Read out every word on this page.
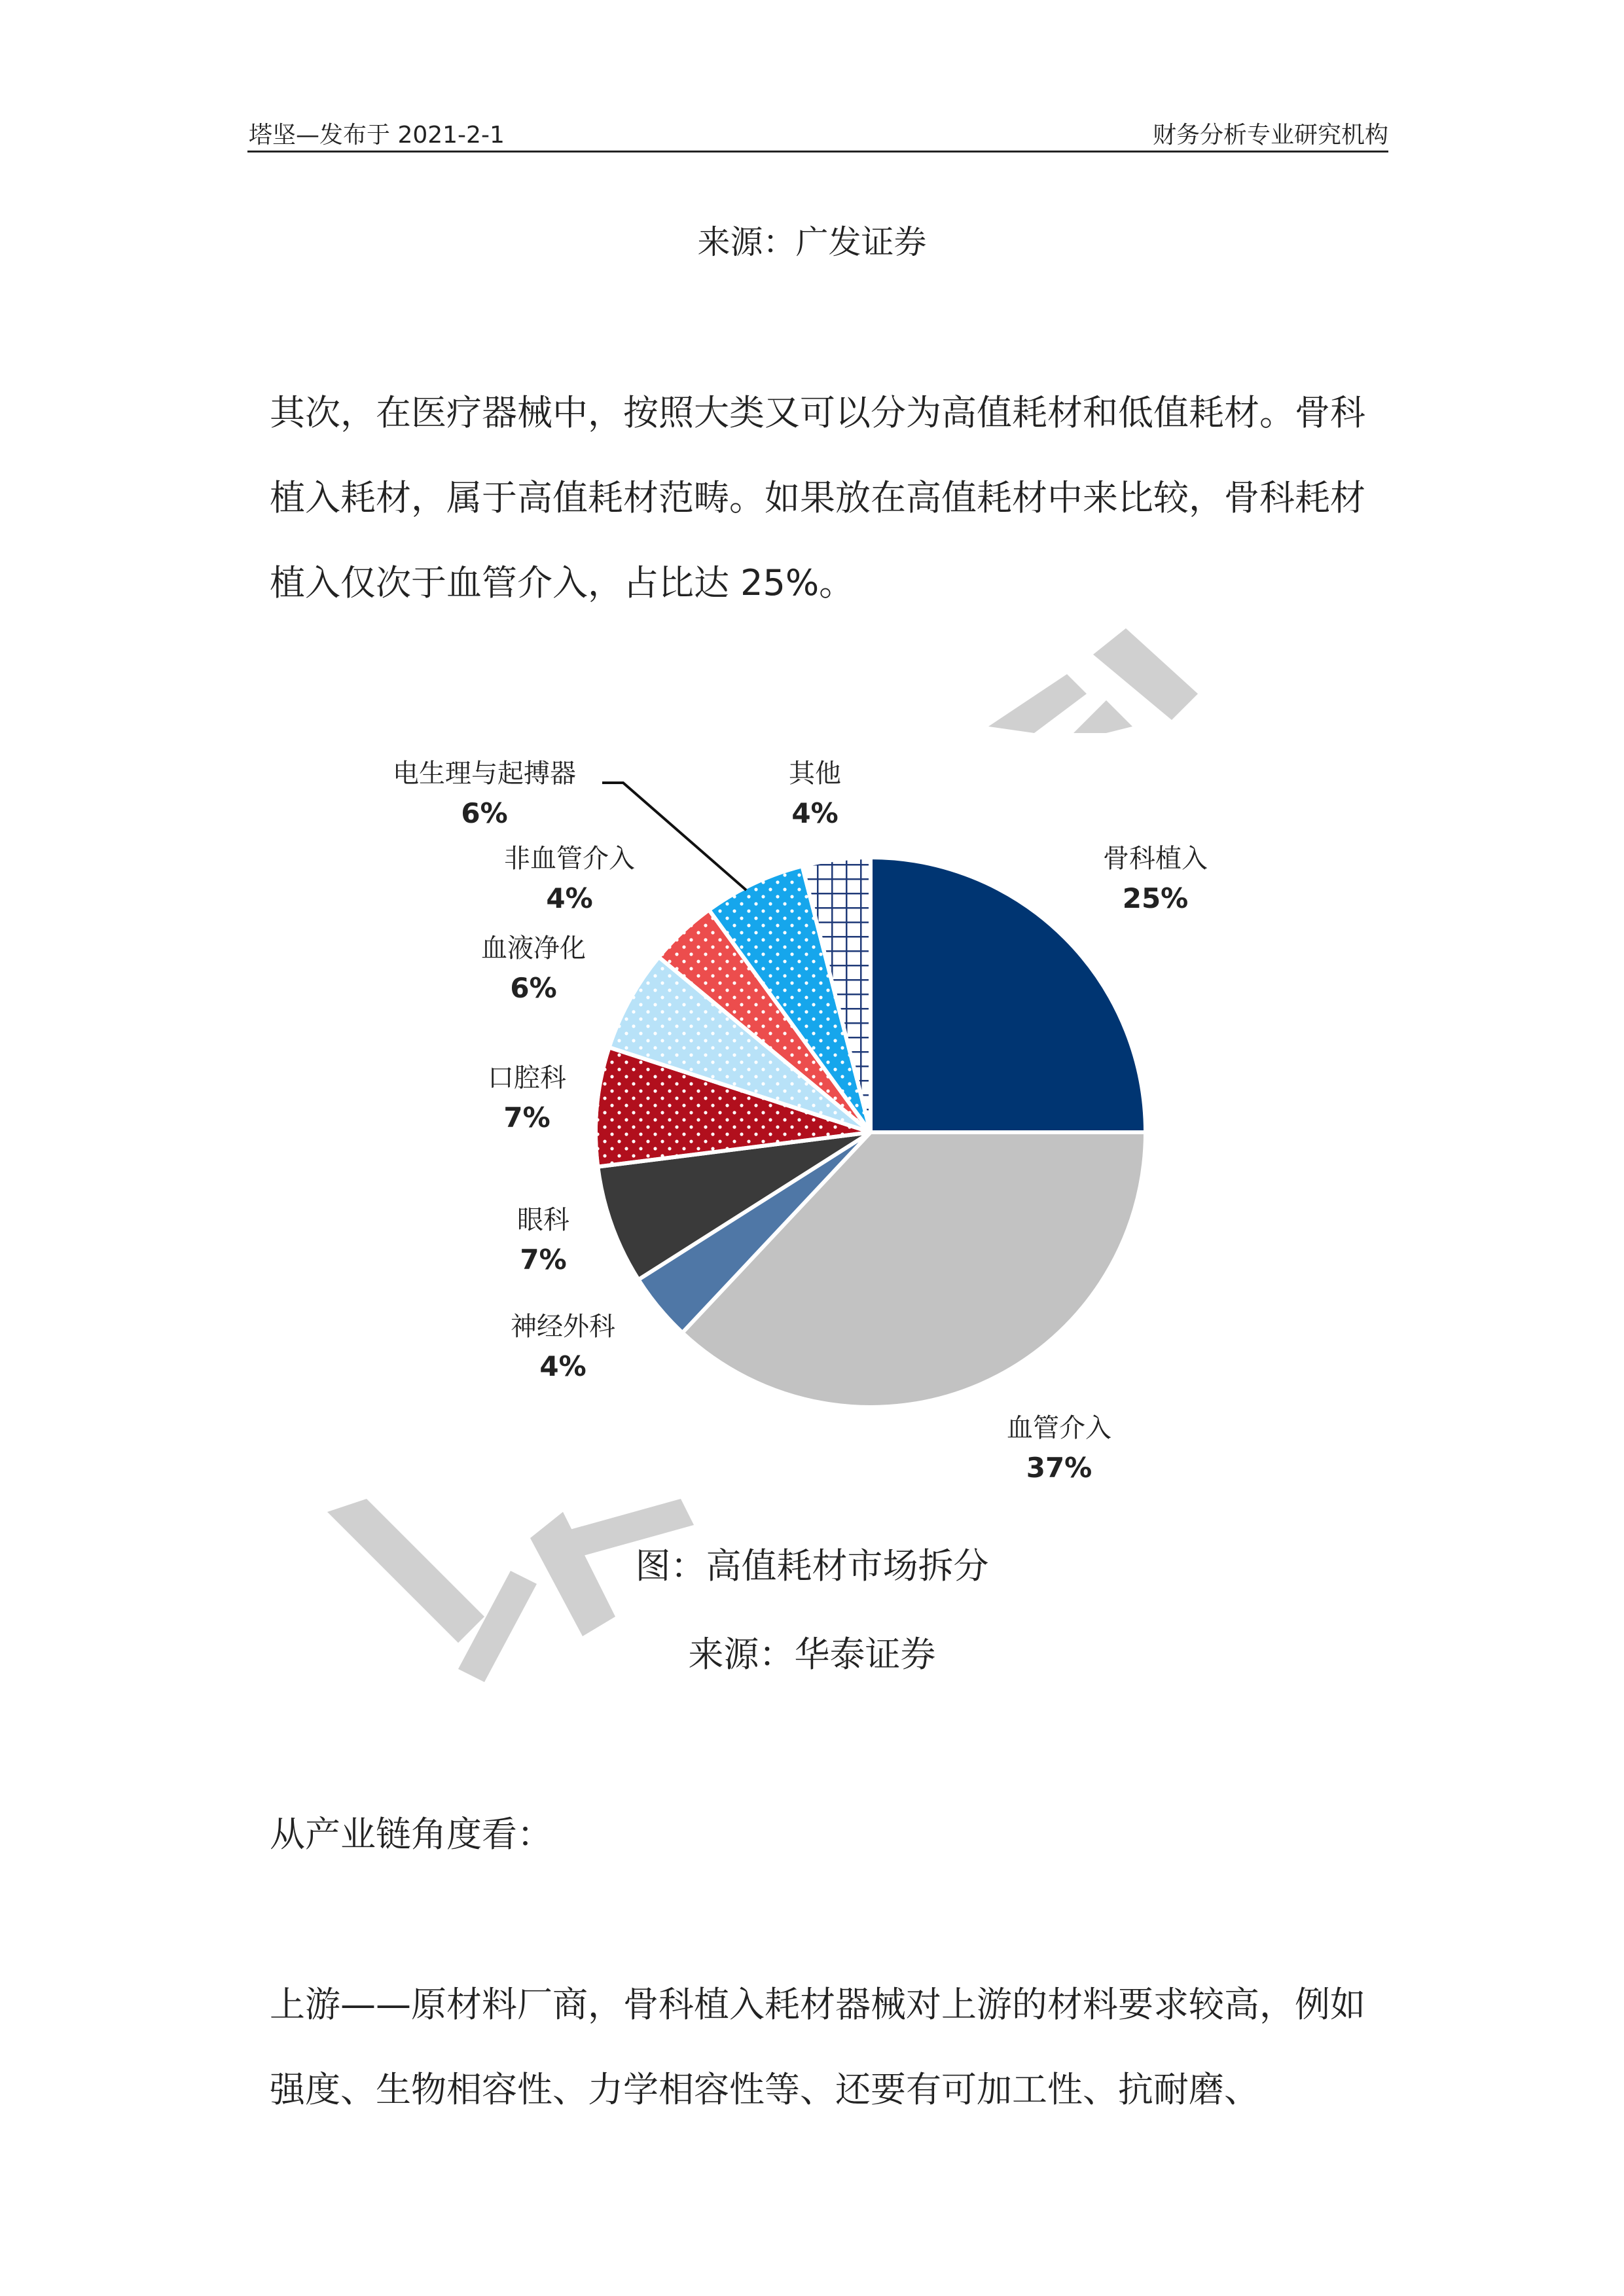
塔坚—发布于 2021-2-1	财务分析专业研究机构
来源：广发证券
其次，在医疗器械中，按照大类又可以分为高值耗材和低值耗材。骨科植入耗材，属于高值耗材范畴。如果放在高值耗材中来比较，骨科耗材植入仅次于血管介入，占比达 25%。
骨科植入
25%
血管介入
37%
神经外科
4%
眼科
7%
口腔科
7%
血液净化
6%
非血管介入
4%
电生理与起搏器
6%
其他
4%
图：高值耗材市场拆分
来源：华泰证券
从产业链角度看：
上游——原材料厂商，骨科植入耗材器械对上游的材料要求较高，例如强度、生物相容性、力学相容性等、还要有可加工性、抗耐磨、
